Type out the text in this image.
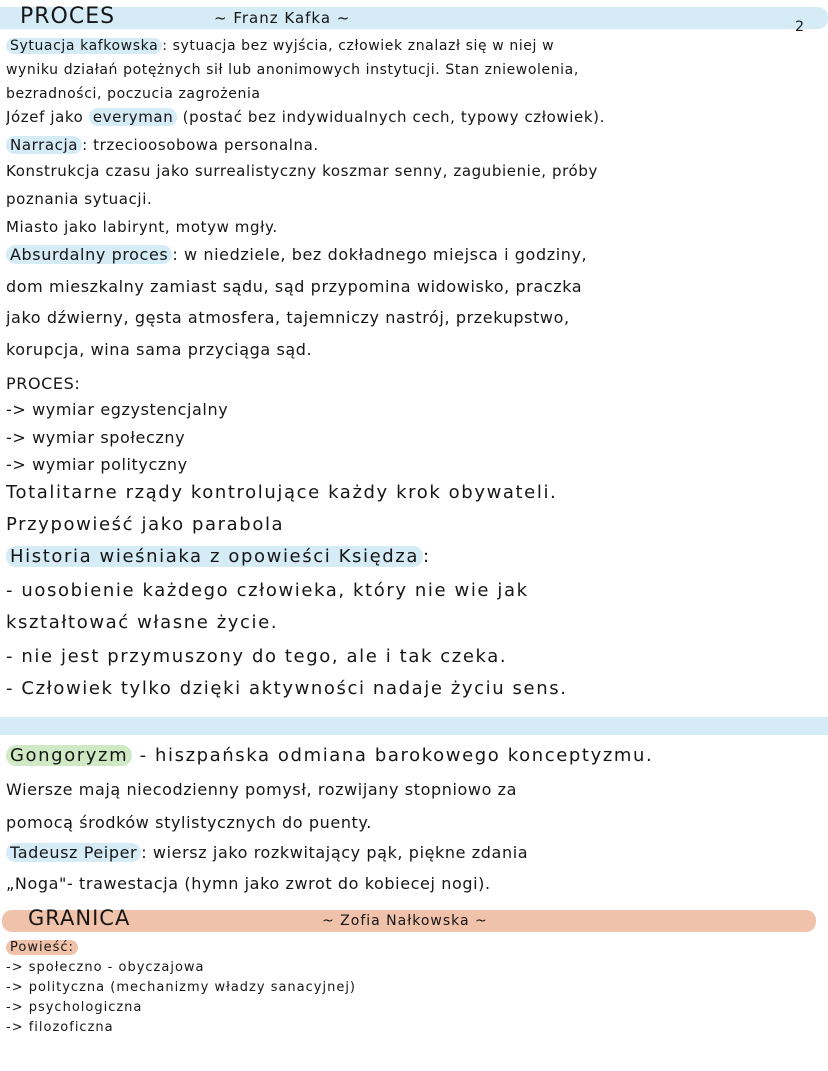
PROCES	~ Franz Kafka ~	2
Sytuacja kafkowska : sytuacja bez wyjścia, człowiek znalazł się w niej w
wyniku działań potężnych sił lub anonimowych instytucji. Stan zniewolenia,
bezradności, poczucia zagrożenia
Józef jako everyman (postać bez indywidualnych cech, typowy człowiek).
Narracja : trzecioosobowa personalna.
Konstrukcja czasu jako surrealistyczny koszmar senny, zagubienie, próby
poznania sytuacji.
Miasto jako labirynt, motyw mgły.
Absurdalny proces : w niedziele, bez dokładnego miejsca i godziny,
dom mieszkalny zamiast sądu, sąd przypomina widowisko, praczka
jako dźwierny, gęsta atmosfera, tajemniczy nastrój, przekupstwo,
korupcja, wina sama przyciąga sąd.
PROCES:
-> wymiar egzystencjalny
-> wymiar społeczny
-> wymiar polityczny
Totalitarne rządy kontrolujące każdy krok obywateli.
Przypowieść jako parabola
Historia wieśniaka z opowieści Księdza :
- uosobienie każdego człowieka, który nie wie jak
kształtować własne życie.
- nie jest przymuszony do tego, ale i tak czeka.
- Człowiek tylko dzięki aktywności nadaje życiu sens.
Gongoryzm - hiszpańska odmiana barokowego konceptyzmu.
Wiersze mają niecodzienny pomysł, rozwijany stopniowo za
pomocą środków stylistycznych do puenty.
Tadeusz Peiper : wiersz jako rozkwitający pąk, piękne zdania
„Noga"- trawestacja (hymn jako zwrot do kobiecej nogi).
GRANICA	~ Zofia Nałkowska ~
Powieść:
-> społeczno - obyczajowa
-> polityczna (mechanizmy władzy sanacyjnej)
-> psychologiczna
-> filozoficzna
